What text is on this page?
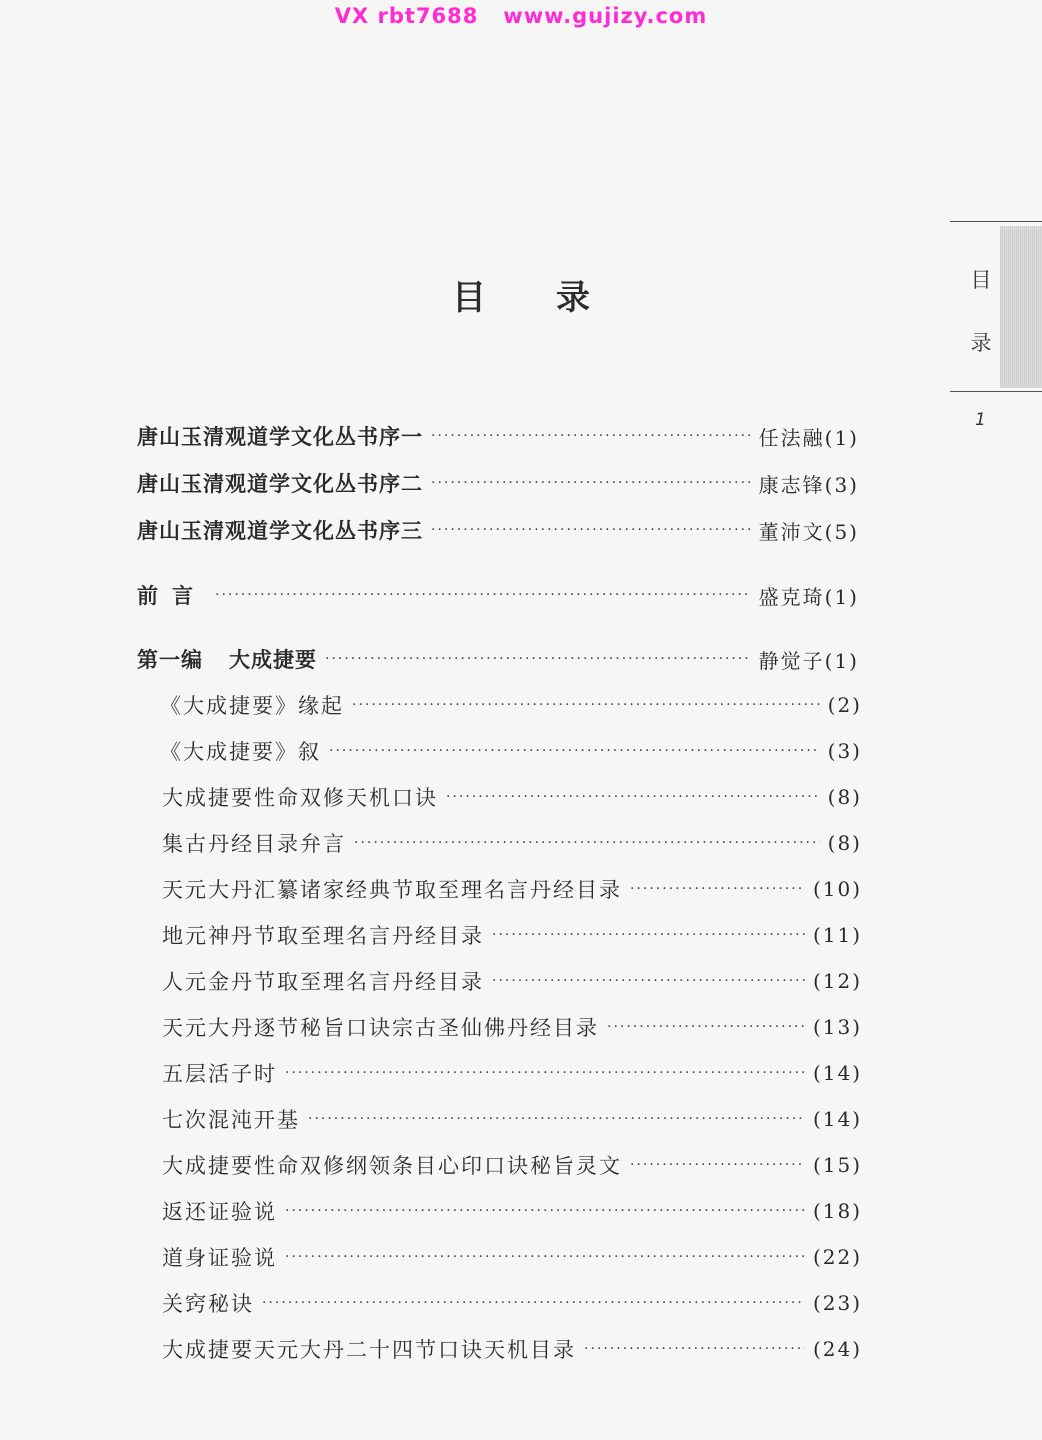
VX rbt7688   www.gujizy.com
目 录	目
录
1
唐山玉清观道学文化丛书序一 ·····	任法融(1)
唐山玉清观道学文化丛书序二 ·····	康志锋(3)
唐山玉清观道学文化丛书序三 ·····	董沛文(5)
前言 ·····	盛克琦(1)
第一编 大成捷要 ·····	静觉子(1)
《大成捷要》缘起 ·····	(2)
《大成捷要》叙 ·····	(3)
大成捷要性命双修天机口诀 ·····	(8)
集古丹经目录弁言 ·····	(8)
天元大丹汇纂诸家经典节取至理名言丹经目录 ·····	(10)
地元神丹节取至理名言丹经目录 ·····	(11)
人元金丹节取至理名言丹经目录 ·····	(12)
天元大丹逐节秘旨口诀宗古圣仙佛丹经目录 ·····	(13)
五层活子时 ·····	(14)
七次混沌开基 ·····	(14)
大成捷要性命双修纲领条目心印口诀秘旨灵文 ·····	(15)
返还证验说 ·····	(18)
道身证验说 ·····	(22)
关窍秘诀 ·····	(23)
大成捷要天元大丹二十四节口诀天机目录 ·····	(24)
